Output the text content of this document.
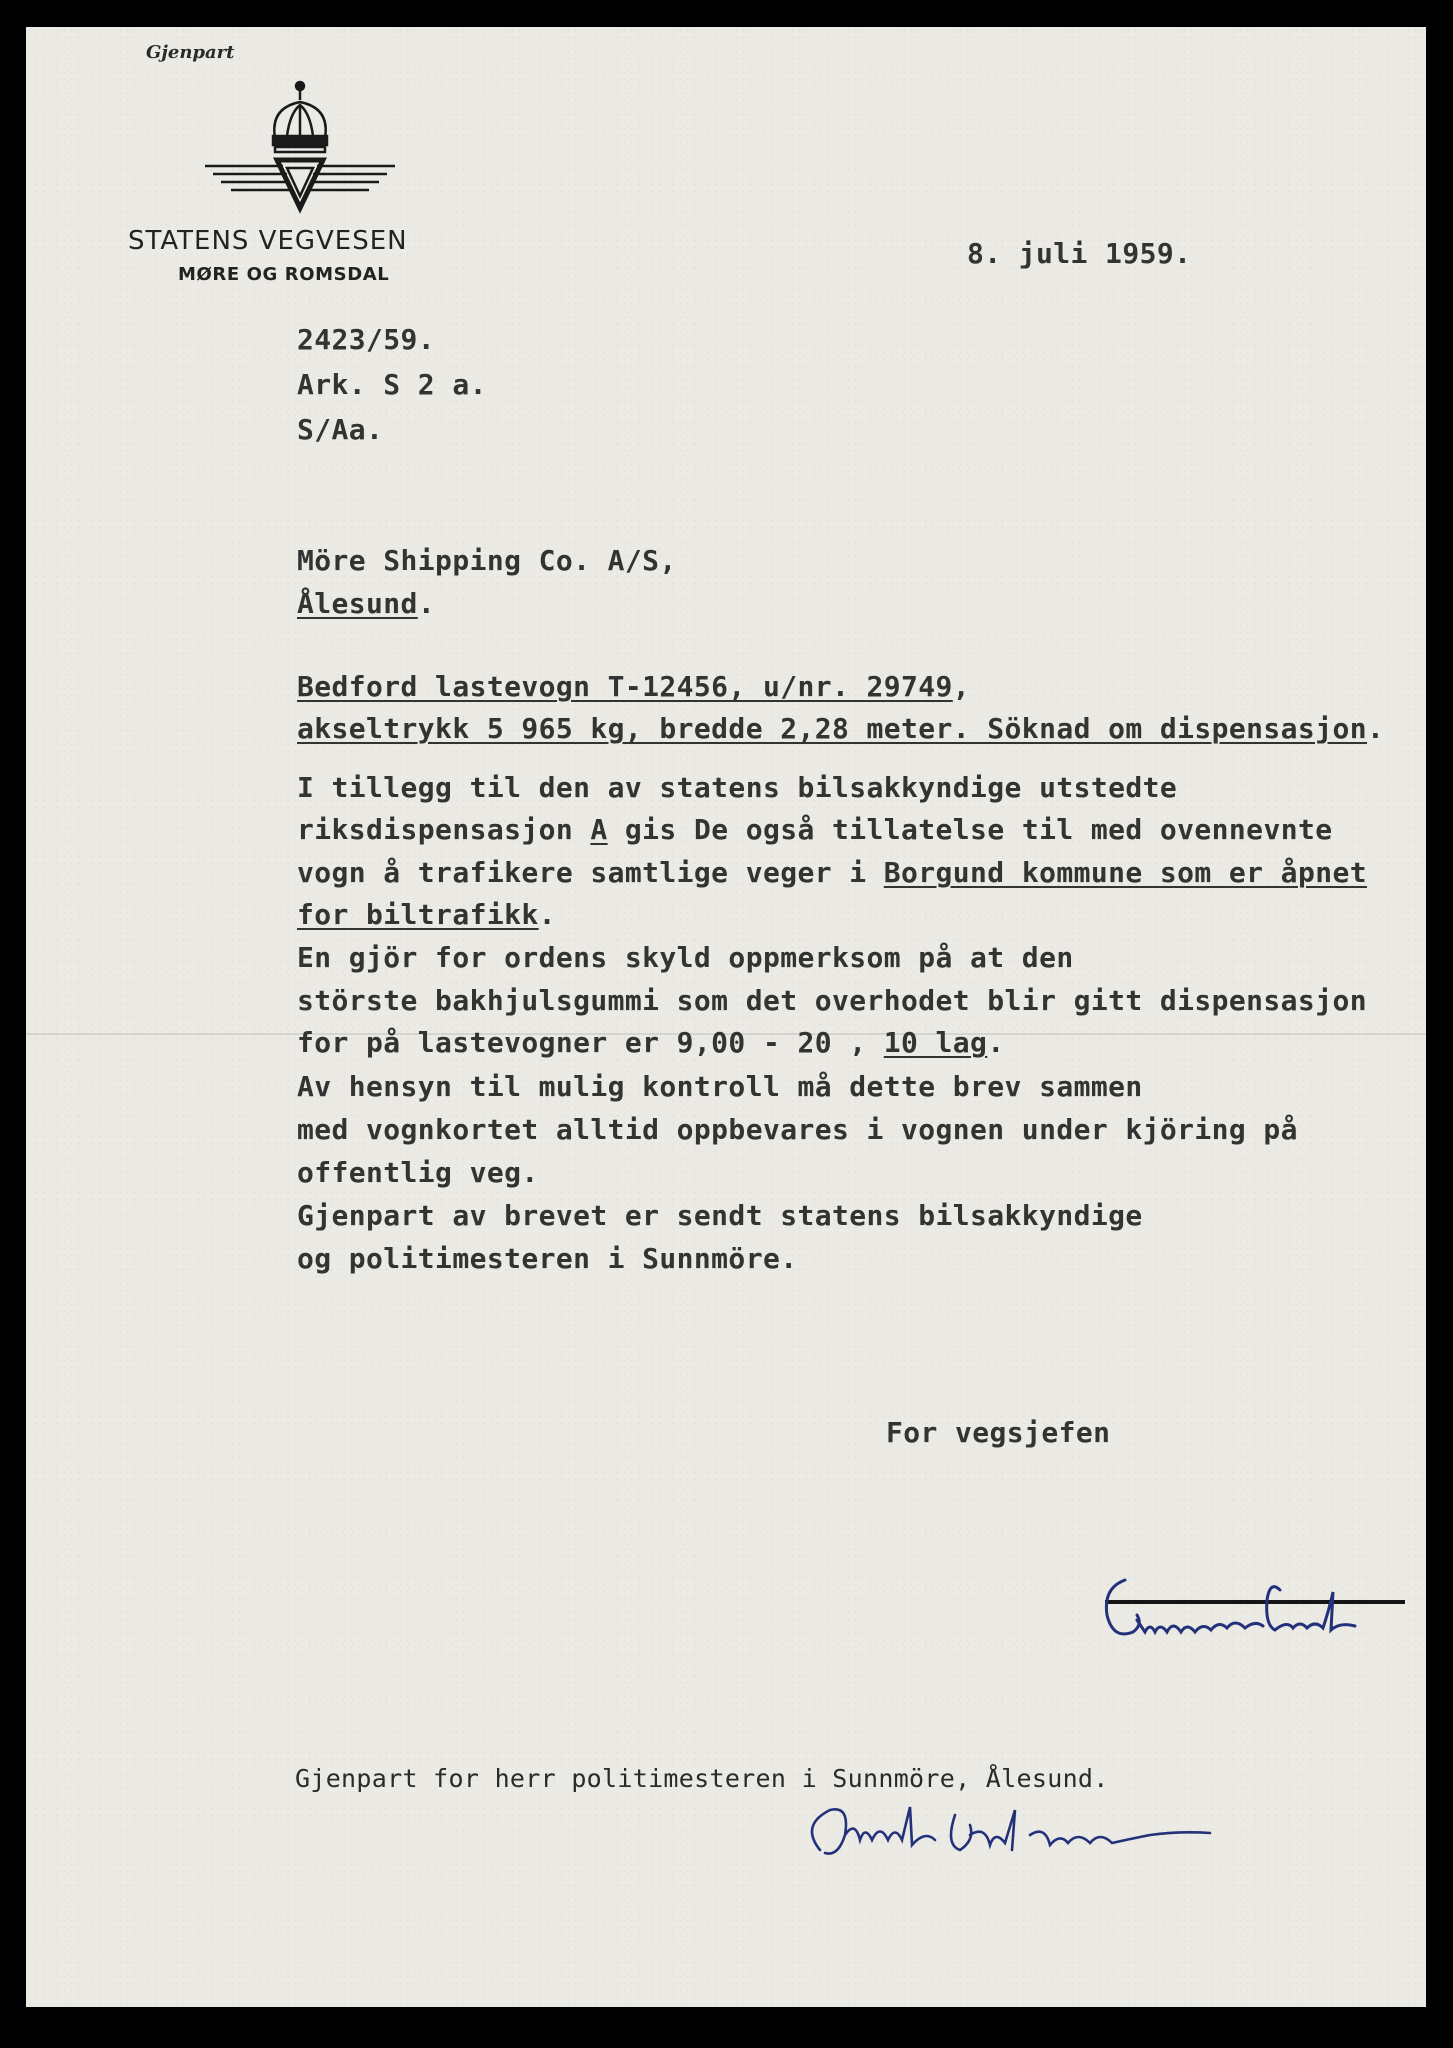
Gjenpart
STATENS VEGVESEN
MØRE OG ROMSDAL
8. juli 1959.
2423/59.
Ark. S 2 a.
S/Aa.
Möre Shipping Co. A/S,
Ålesund.
Bedford lastevogn T-12456, u/nr. 29749,
akseltrykk 5 965 kg, bredde 2,28 meter. Söknad om dispensasjon.
I tillegg til den av statens bilsakkyndige utstedte
riksdispensasjon A gis De også tillatelse til med ovennevnte
vogn å trafikere samtlige veger i Borgund kommune som er åpnet
for biltrafikk.
En gjör for ordens skyld oppmerksom på at den
störste bakhjulsgummi som det overhodet blir gitt dispensasjon
for på lastevogner er 9,00 - 20 , 10 lag.
Av hensyn til mulig kontroll må dette brev sammen
med vognkortet alltid oppbevares i vognen under kjöring på
offentlig veg.
Gjenpart av brevet er sendt statens bilsakkyndige
og politimesteren i Sunnmöre.
For vegsjefen
Gjenpart for herr politimesteren i Sunnmöre, Ålesund.
